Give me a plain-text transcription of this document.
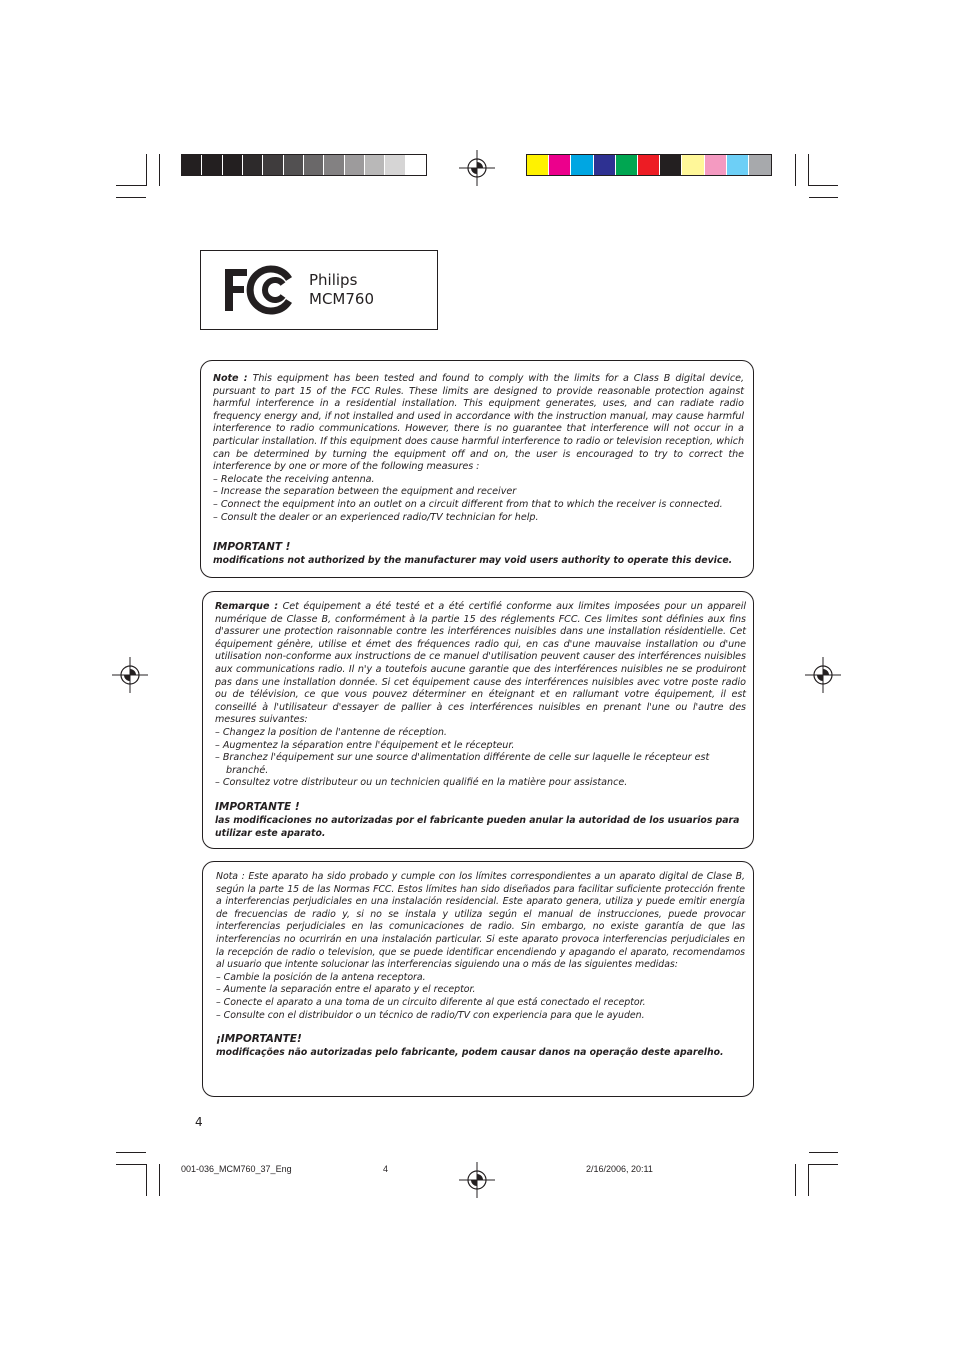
Philips
MCM760

Note : This equipment has been tested and found to comply with the limits for a Class B digital device, pursuant to part 15 of the FCC Rules. These limits are designed to provide reasonable protection against harmful interference in a residential installation. This equipment generates, uses, and can radiate radio frequency energy and, if not installed and used in accordance with the instruction manual, may cause harmful interference to radio communications. However, there is no guarantee that interference will not occur in a particular installation. If this equipment does cause harmful interference to radio or television reception, which can be determined by turning the equipment off and on, the user is encouraged to try to correct the interference by one or more of the following measures :

– Relocate the receiving antenna.

– Increase the separation between the equipment and receiver

– Connect the equipment into an outlet on a circuit different from that to which the receiver is connected.

– Consult the dealer or an experienced radio/TV technician for help.

IMPORTANT !

modifications not authorized by the manufacturer may void users authority to operate this device.

Remarque : Cet équipement a été testé et a été certifié conforme aux limites imposées pour un appareil numérique de Classe B, conformément à la partie 15 des réglements FCC. Ces limites sont définies aux fins d'assurer une protection raisonnable contre les interférences nuisibles dans une installation résidentielle. Cet équipement génère, utilise et émet des fréquences radio qui, en cas d'une mauvaise installation ou d'une utilisation non-conforme aux instructions de ce manuel d'utilisation peuvent causer des interférences nuisibles aux communications radio. Il n'y a toutefois aucune garantie que des interférences nuisibles ne se produiront pas dans une installation donnée. Si cet équipement cause des interférences nuisibles avec votre poste radio ou de télévision, ce que vous pouvez déterminer en éteignant et en rallumant votre équipement, il est conseillé à l'utilisateur d'essayer de pallier à ces interférences nuisibles en prenant l'une ou l'autre des mesures suivantes:

– Changez la position de l'antenne de réception.

– Augmentez la séparation entre l'équipement et le récepteur.

– Branchez l'équipement sur une source d'alimentation différente de celle sur laquelle le récepteur est branché.

– Consultez votre distributeur ou un technicien qualifié en la matière pour assistance.

IMPORTANTE !

las modificaciones no autorizadas por el fabricante pueden anular la autoridad de los usuarios para utilizar este aparato.

Nota : Este aparato ha sido probado y cumple con los límites correspondientes a un aparato digital de Clase B, según la parte 15 de las Normas FCC. Estos límites han sido diseñados para facilitar suficiente protección frente a interferencias perjudiciales en una instalación residencial. Este aparato genera, utiliza y puede emitir energía de frecuencias de radio y, si no se instala y utiliza según el manual de instrucciones, puede provocar interferencias perjudiciales en las comunicaciones de radio. Sin embargo, no existe garantía de que las interferencias no ocurrirán en una instalación particular. Si este aparato provoca interferencias perjudiciales en la recepción de radio o television, que se puede identificar encendiendo y apagando el aparato, recomendamos al usuario que intente solucionar las interferencias siguiendo una o más de las siguientes medidas:

– Cambie la posición de la antena receptora.

– Aumente la separación entre el aparato y el receptor.

– Conecte el aparato a una toma de un circuito diferente al que está conectado el receptor.

– Consulte con el distribuidor o un técnico de radio/TV con experiencia para que le ayuden.

¡IMPORTANTE!

modificações não autorizadas pelo fabricante, podem causar danos na operação deste aparelho.

4
001-036_MCM760_37_Eng	4	2/16/2006, 20:11
